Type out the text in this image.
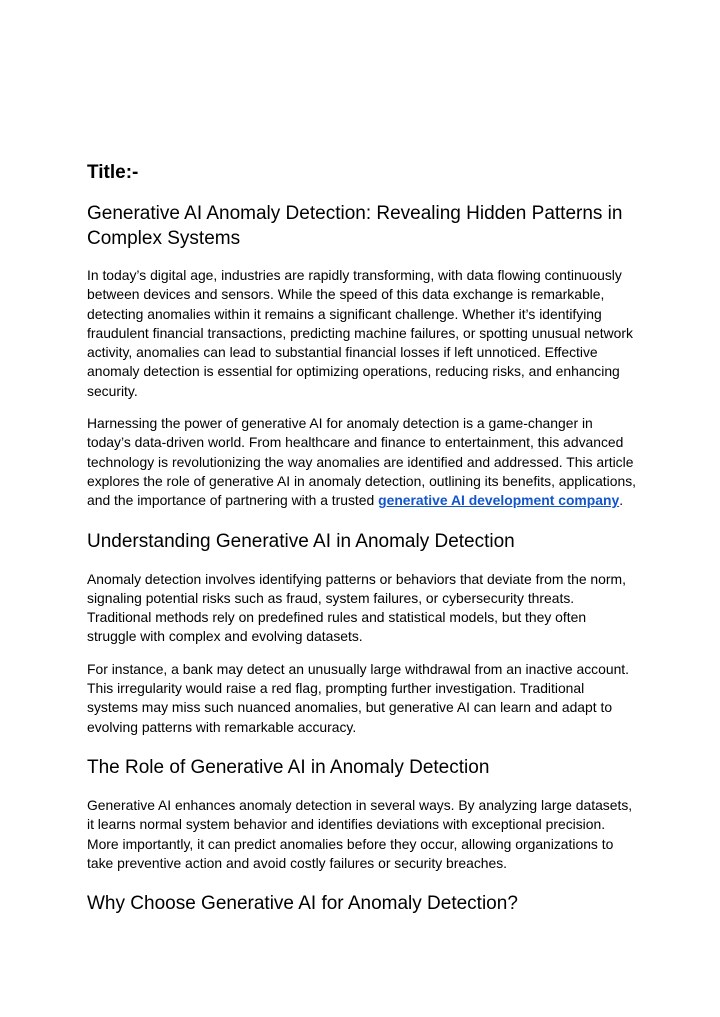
Title:-
Generative AI Anomaly Detection: Revealing Hidden Patterns in Complex Systems

In today’s digital age, industries are rapidly transforming, with data flowing continuously between devices and sensors. While the speed of this data exchange is remarkable, detecting anomalies within it remains a significant challenge. Whether it’s identifying fraudulent financial transactions, predicting machine failures, or spotting unusual network activity, anomalies can lead to substantial financial losses if left unnoticed. Effective anomaly detection is essential for optimizing operations, reducing risks, and enhancing security.

Harnessing the power of generative AI for anomaly detection is a game-changer in today’s data-driven world. From healthcare and finance to entertainment, this advanced technology is revolutionizing the way anomalies are identified and addressed. This article explores the role of generative AI in anomaly detection, outlining its benefits, applications, and the importance of partnering with a trusted generative AI development company.

Understanding Generative AI in Anomaly Detection

Anomaly detection involves identifying patterns or behaviors that deviate from the norm, signaling potential risks such as fraud, system failures, or cybersecurity threats. Traditional methods rely on predefined rules and statistical models, but they often struggle with complex and evolving datasets.

For instance, a bank may detect an unusually large withdrawal from an inactive account. This irregularity would raise a red flag, prompting further investigation. Traditional systems may miss such nuanced anomalies, but generative AI can learn and adapt to evolving patterns with remarkable accuracy.

The Role of Generative AI in Anomaly Detection

Generative AI enhances anomaly detection in several ways. By analyzing large datasets, it learns normal system behavior and identifies deviations with exceptional precision. More importantly, it can predict anomalies before they occur, allowing organizations to take preventive action and avoid costly failures or security breaches.

Why Choose Generative AI for Anomaly Detection?
